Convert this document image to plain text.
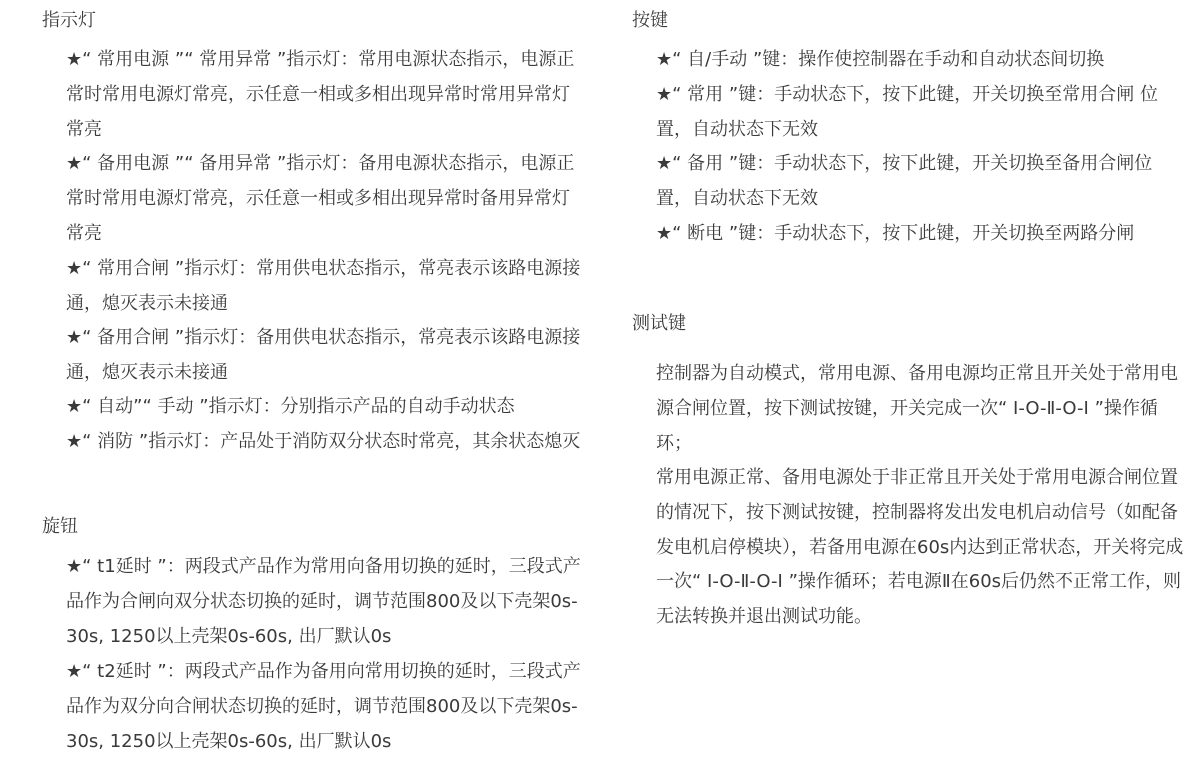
指示灯

★“ 常用电源 ”“ 常用异常 ”指示灯：常用电源状态指示，电源正常时常用电源灯常亮，示任意一相或多相出现异常时常用异常灯常亮

★“ 备用电源 ”“ 备用异常 ”指示灯：备用电源状态指示，电源正常时常用电源灯常亮，示任意一相或多相出现异常时备用异常灯常亮

★“ 常用合闸 ”指示灯：常用供电状态指示，常亮表示该路电源接通，熄灭表示未接通

★“ 备用合闸 ”指示灯：备用供电状态指示，常亮表示该路电源接通，熄灭表示未接通

★“ 自动”“ 手动 ”指示灯：分别指示产品的自动手动状态

★“ 消防 ”指示灯：产品处于消防双分状态时常亮，其余状态熄灭

旋钮

★“ t1延时 ”：两段式产品作为常用向备用切换的延时，三段式产品作为合闸向双分状态切换的延时，调节范围800及以下壳架0s-30s, 1250以上壳架0s-60s, 出厂默认0s

★“ t2延时 ”：两段式产品作为备用向常用切换的延时，三段式产品作为双分向合闸状态切换的延时，调节范围800及以下壳架0s-30s, 1250以上壳架0s-60s, 出厂默认0s

按键

★“ 自/手动 ”键：操作使控制器在手动和自动状态间切换

★“ 常用 ”键：手动状态下，按下此键，开关切换至常用合闸 位置，自动状态下无效

★“ 备用 ”键：手动状态下，按下此键，开关切换至备用合闸位置，自动状态下无效

★“ 断电 ”键：手动状态下，按下此键，开关切换至两路分闸

测试键

控制器为自动模式，常用电源、备用电源均正常且开关处于常用电源合闸位置，按下测试按键，开关完成一次“ Ⅰ-O-Ⅱ-O-Ⅰ ”操作循环；

常用电源正常、备用电源处于非正常且开关处于常用电源合闸位置的情况下，按下测试按键，控制器将发出发电机启动信号（如配备发电机启停模块），若备用电源在60s内达到正常状态，开关将完成一次“ Ⅰ-O-Ⅱ-O-Ⅰ ”操作循环；若电源Ⅱ在60s后仍然不正常工作，则无法转换并退出测试功能。
